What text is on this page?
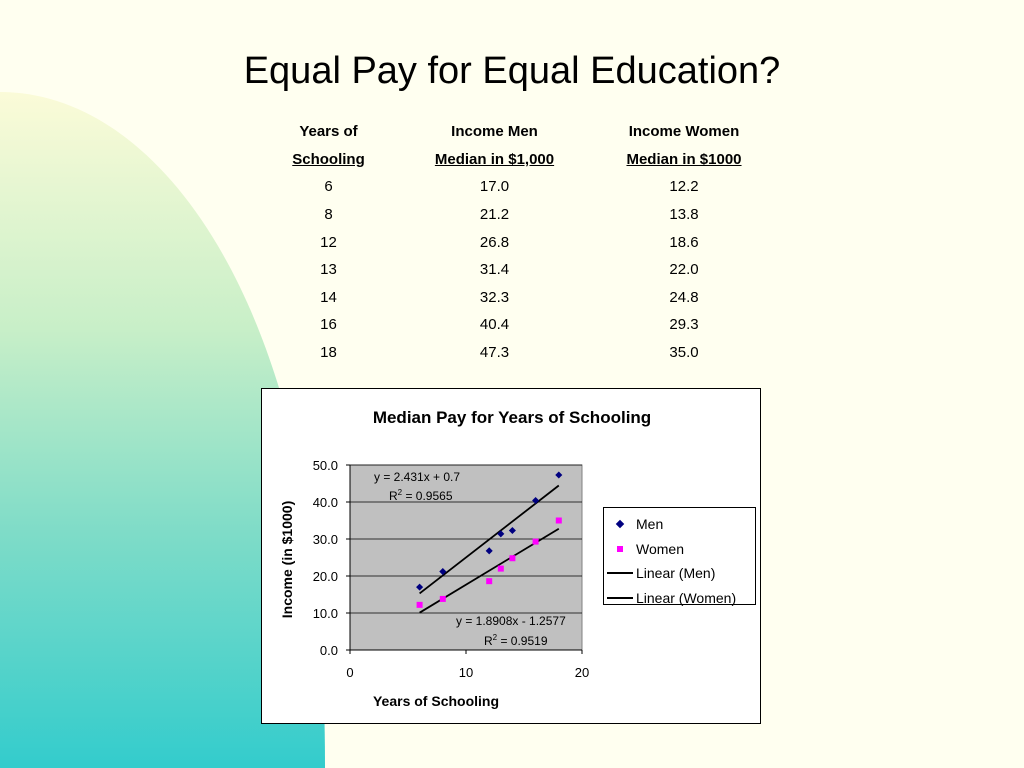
Equal Pay for Equal Education?
Years of	Income Men	Income Women
Schooling	Median in $1,000	Median in $1000
6	17.0	12.2
8	21.2	13.8
12	26.8	18.6
13	31.4	22.0
14	32.3	24.8
16	40.4	29.3
18	47.3	35.0
Median Pay for Years of Schooling
0.0
10.0
20.0
30.0
40.0
50.0
0	10	20
Years of Schooling
Income (in $1000)
y = 2.431x + 0.7
$R^2 = 0.9565$
y = 1.8908x - 1.2577
$R^2 = 0.9519$
Men
Women
Linear (Men)
Linear (Women)
